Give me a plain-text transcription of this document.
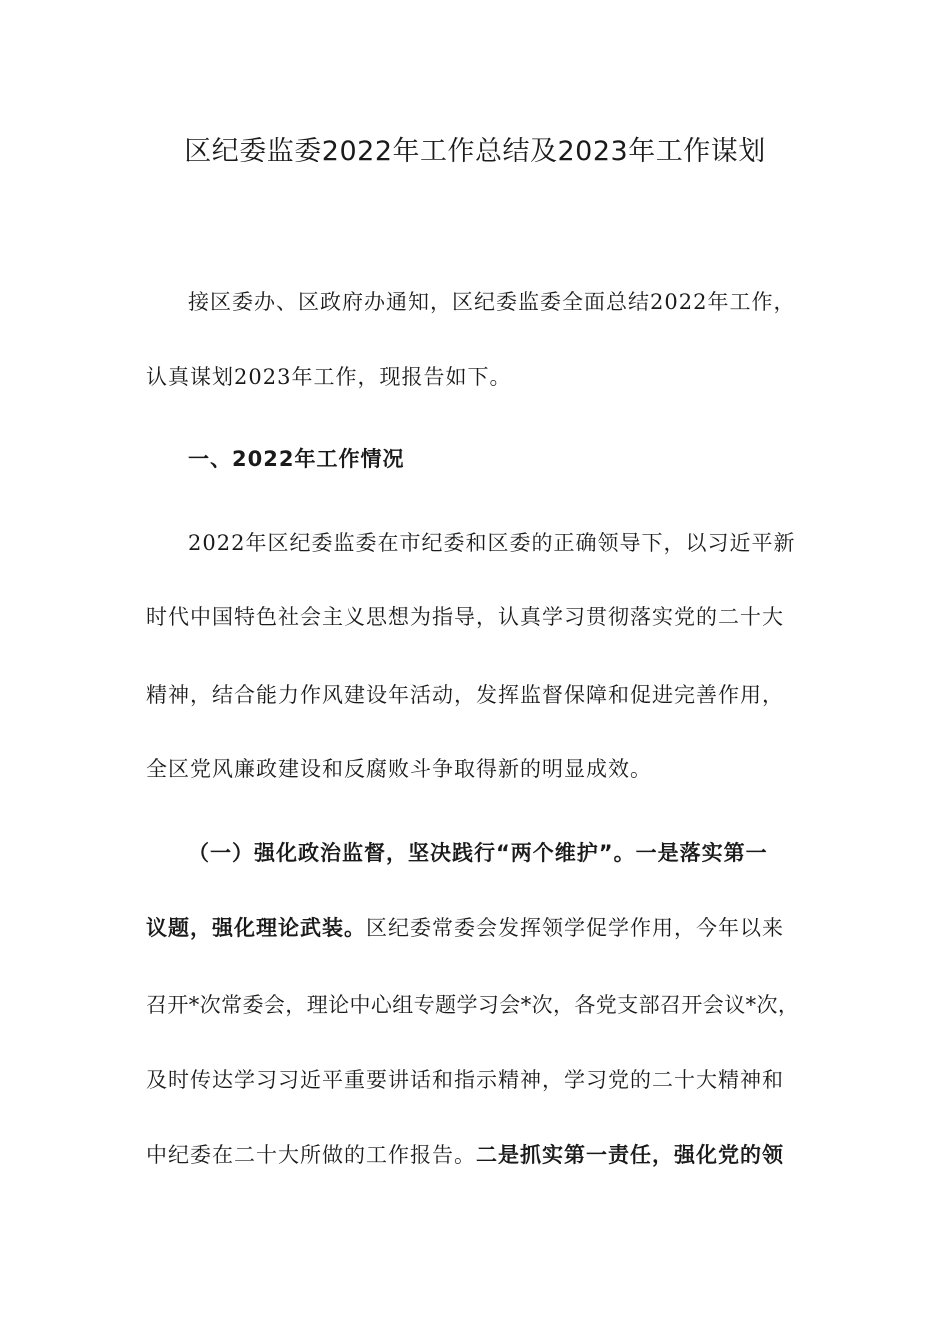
区纪委监委2022年工作总结及2023年工作谋划
接区委办、区政府办通知，区纪委监委全面总结2022年工作，
认真谋划2023年工作，现报告如下。
一、2022年工作情况
2022年区纪委监委在市纪委和区委的正确领导下，以习近平新
时代中国特色社会主义思想为指导，认真学习贯彻落实党的二十大
精神，结合能力作风建设年活动，发挥监督保障和促进完善作用，
全区党风廉政建设和反腐败斗争取得新的明显成效。
（一）强化政治监督，坚决践行“两个维护”。一是落实第一
议题，强化理论武装。区纪委常委会发挥领学促学作用，今年以来
召开*次常委会，理论中心组专题学习会*次，各党支部召开会议*次，
及时传达学习习近平重要讲话和指示精神，学习党的二十大精神和
中纪委在二十大所做的工作报告。二是抓实第一责任，强化党的领
